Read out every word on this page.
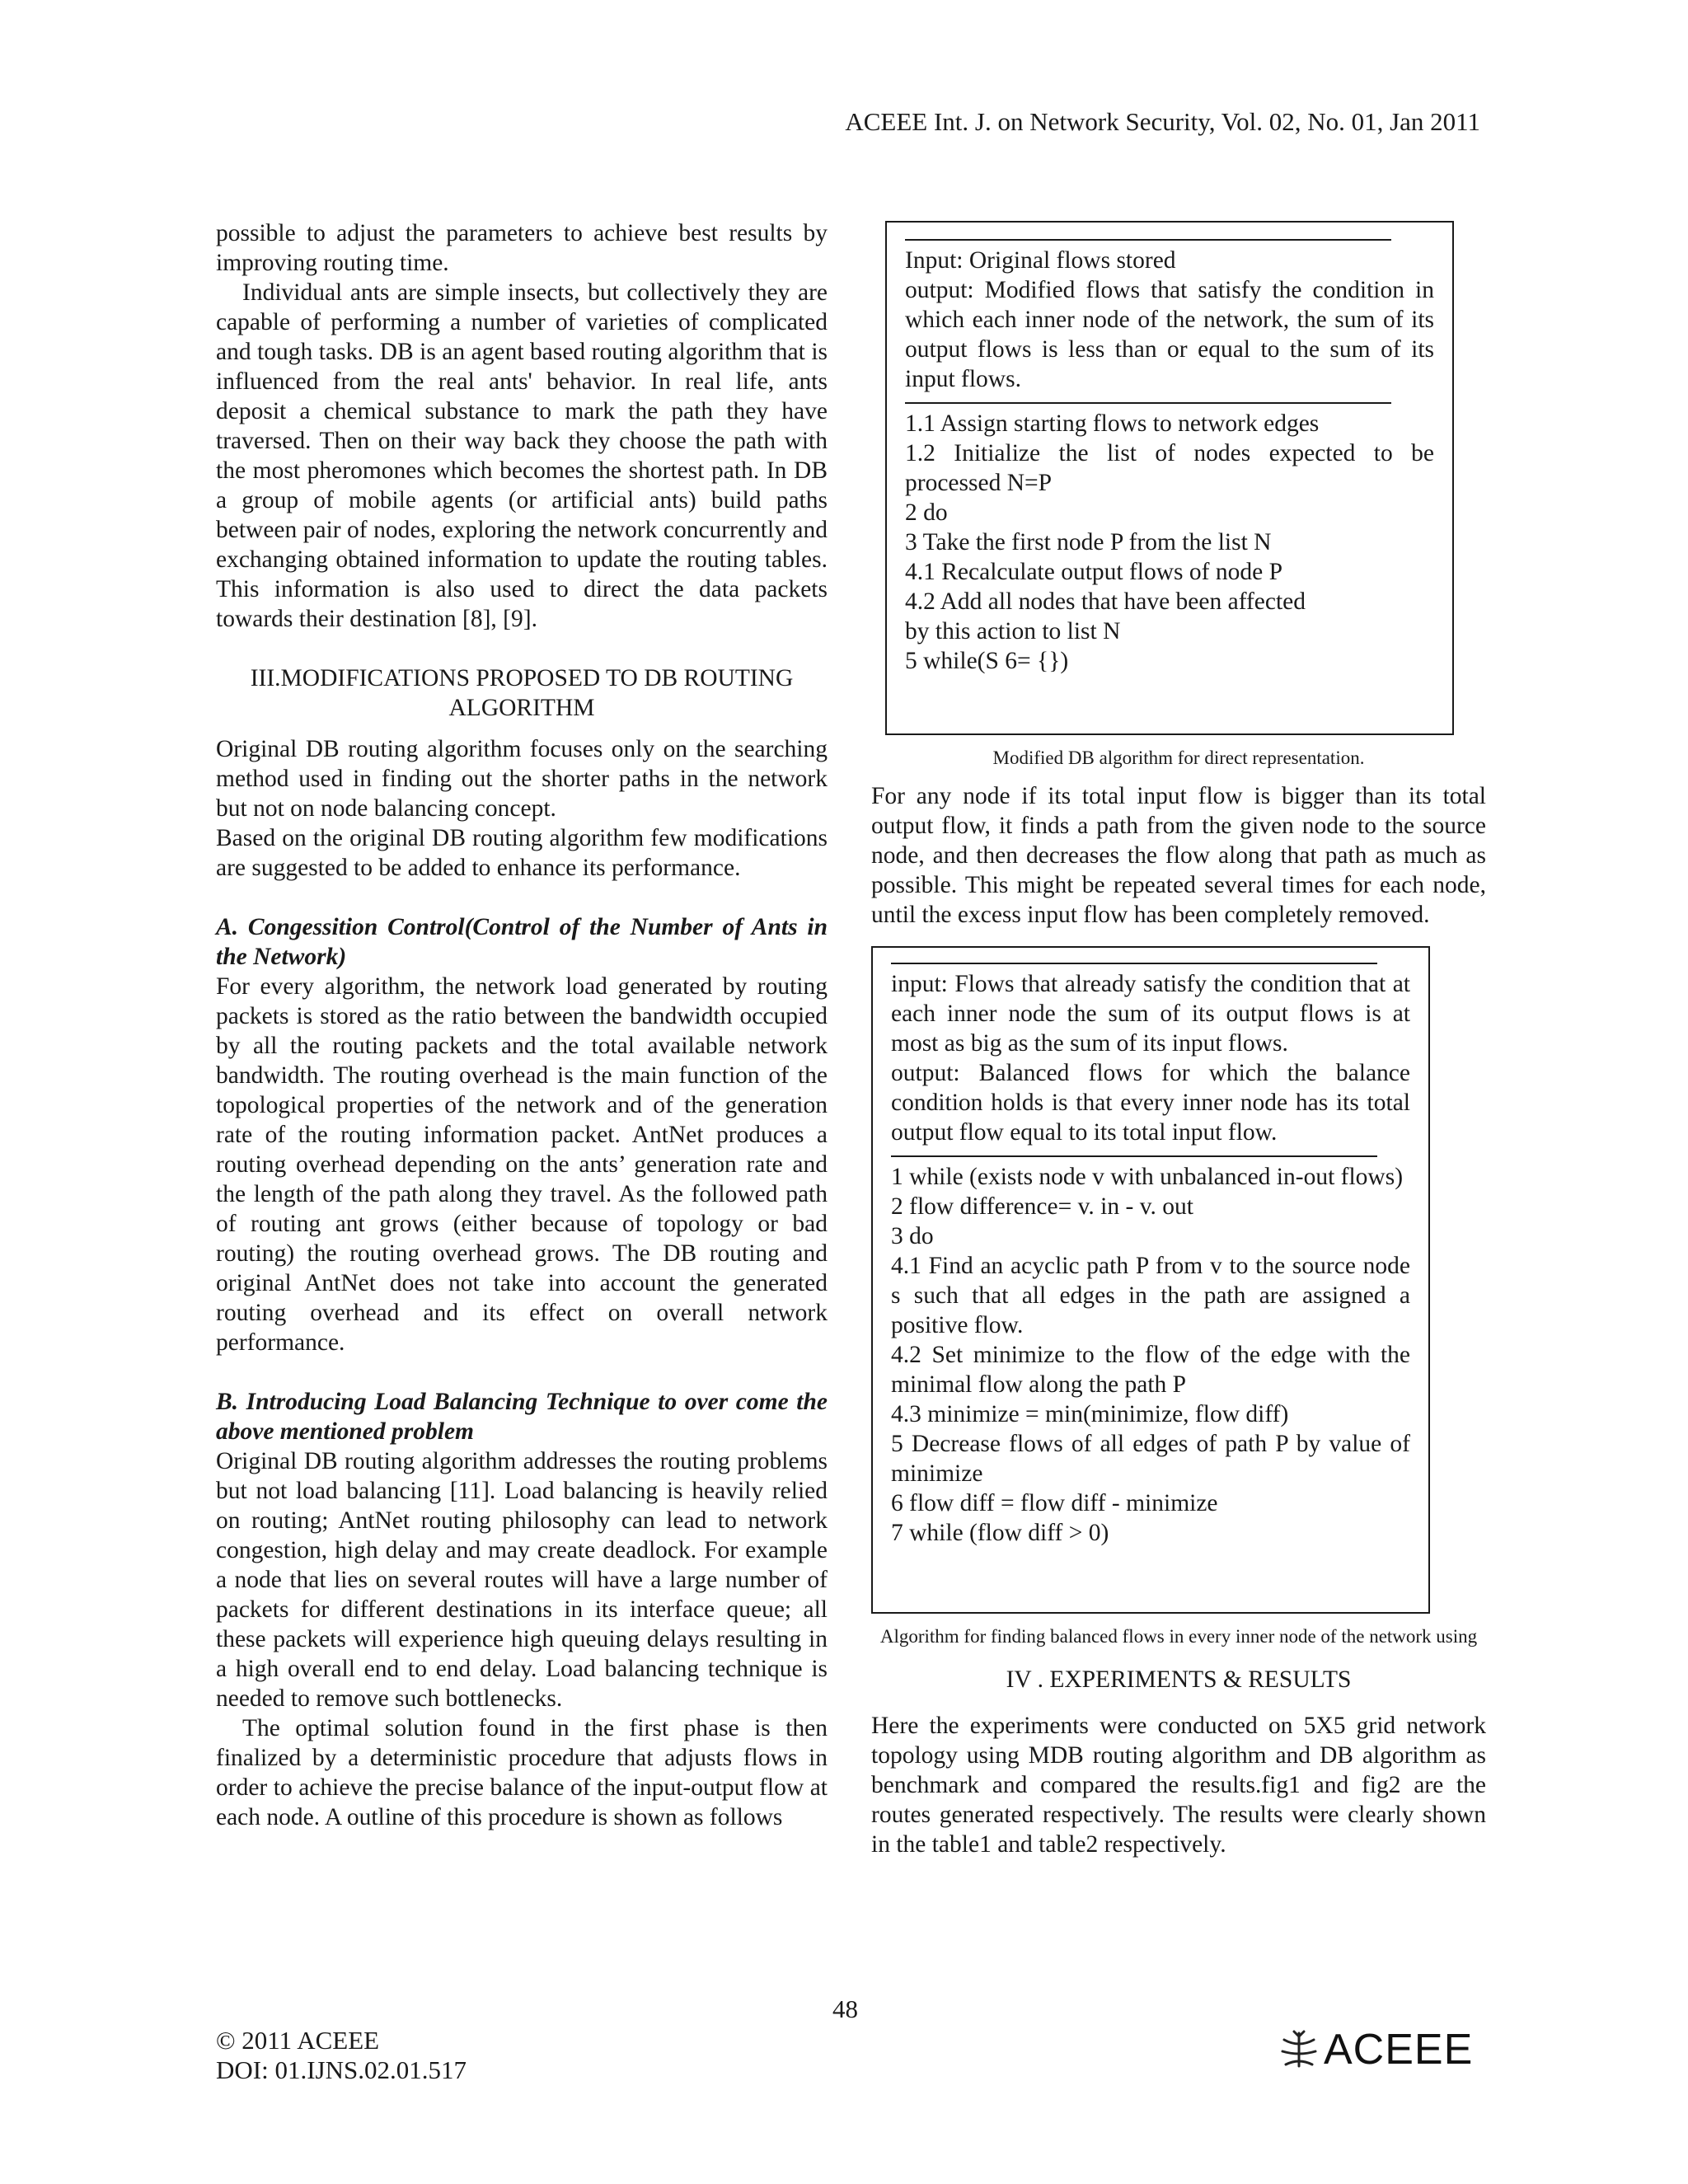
ACEEE Int. J. on Network Security, Vol. 02, No. 01, Jan 2011

possible to adjust the parameters to achieve best results by improving routing time.

Individual ants are simple insects, but collectively they are capable of performing a number of varieties of complicated and tough tasks. DB is an agent based routing algorithm that is influenced from the real ants' behavior. In real life, ants deposit a chemical substance to mark the path they have traversed. Then on their way back they choose the path with the most pheromones which becomes the shortest path. In DB a group of mobile agents (or artificial ants) build paths between pair of nodes, exploring the network concurrently and exchanging obtained information to update the routing tables. This information is also used to direct the data packets towards their destination [8], [9].

III.MODIFICATIONS PROPOSED TO DB ROUTING

ALGORITHM

Original DB routing algorithm focuses only on the searching method used in finding out the shorter paths in the network but not on node balancing concept.

Based on the original DB routing algorithm few modifications are suggested to be added to enhance its performance.

A. Congessition Control(Control of the Number of Ants in the Network)

For every algorithm, the network load generated by routing packets is stored as the ratio between the bandwidth occupied by all the routing packets and the total available network bandwidth. The routing overhead is the main function of the topological properties of the network and of the generation rate of the routing information packet. AntNet produces a routing overhead depending on the ants’ generation rate and the length of the path along they travel. As the followed path of routing ant grows (either because of topology or bad routing) the routing overhead grows. The DB routing and original AntNet does not take into account the generated routing overhead and its effect on overall network performance.

B. Introducing Load Balancing Technique to over come the above mentioned problem

Original DB routing algorithm addresses the routing problems but not load balancing [11]. Load balancing is heavily relied on routing; AntNet routing philosophy can lead to network congestion, high delay and may create deadlock. For example a node that lies on several routes will have a large number of packets for different destinations in its interface queue; all these packets will experience high queuing delays resulting in a high overall end to end delay. Load balancing technique is needed to remove such bottlenecks.

The optimal solution found in the first phase is then finalized by a deterministic procedure that adjusts flows in order to achieve the precise balance of the input-output flow at each node. A outline of this procedure is shown as follows

Input: Original flows stored

output: Modified flows that satisfy the condition in which each inner node of the network, the sum of its output flows is less than or equal to the sum of its input flows.

1.1 Assign starting flows to network edges

1.2 Initialize the list of nodes expected to be processed N=P

2 do

3 Take the first node P from the list N

4.1 Recalculate output flows of node P

4.2 Add all nodes that have been affected

by this action to list N

5 while(S 6= {})

Modified DB algorithm for direct representation.

For any node if its total input flow is bigger than its total output flow, it finds a path from the given node to the source node, and then decreases the flow along that path as much as possible. This might be repeated several times for each node, until the excess input flow has been completely removed.

input: Flows that already satisfy the condition that at each inner node the sum of its output flows is at most as big as the sum of its input flows.

output: Balanced flows for which the balance condition holds is that every inner node has its total output flow equal to its total input flow.

1 while (exists node v with unbalanced in-out flows)

2 flow difference= v. in - v. out

3 do

4.1 Find an acyclic path P from v to the source node s such that all edges in the path are assigned a positive flow.

4.2 Set minimize to the flow of the edge with the minimal flow along the path P

4.3 minimize = min(minimize, flow diff)

5 Decrease flows of all edges of path P by value of minimize

6 flow diff = flow diff - minimize

7 while (flow diff > 0)

Algorithm for finding balanced flows in every inner node of the network using

IV . EXPERIMENTS & RESULTS

Here the experiments were conducted on 5X5 grid network topology using MDB routing algorithm and DB algorithm as benchmark and compared the results.fig1 and fig2 are the routes generated respectively. The results were clearly shown in the table1 and table2 respectively.

48
© 2011 ACEEE
DOI: 01.IJNS.02.01.517	ACEEE
